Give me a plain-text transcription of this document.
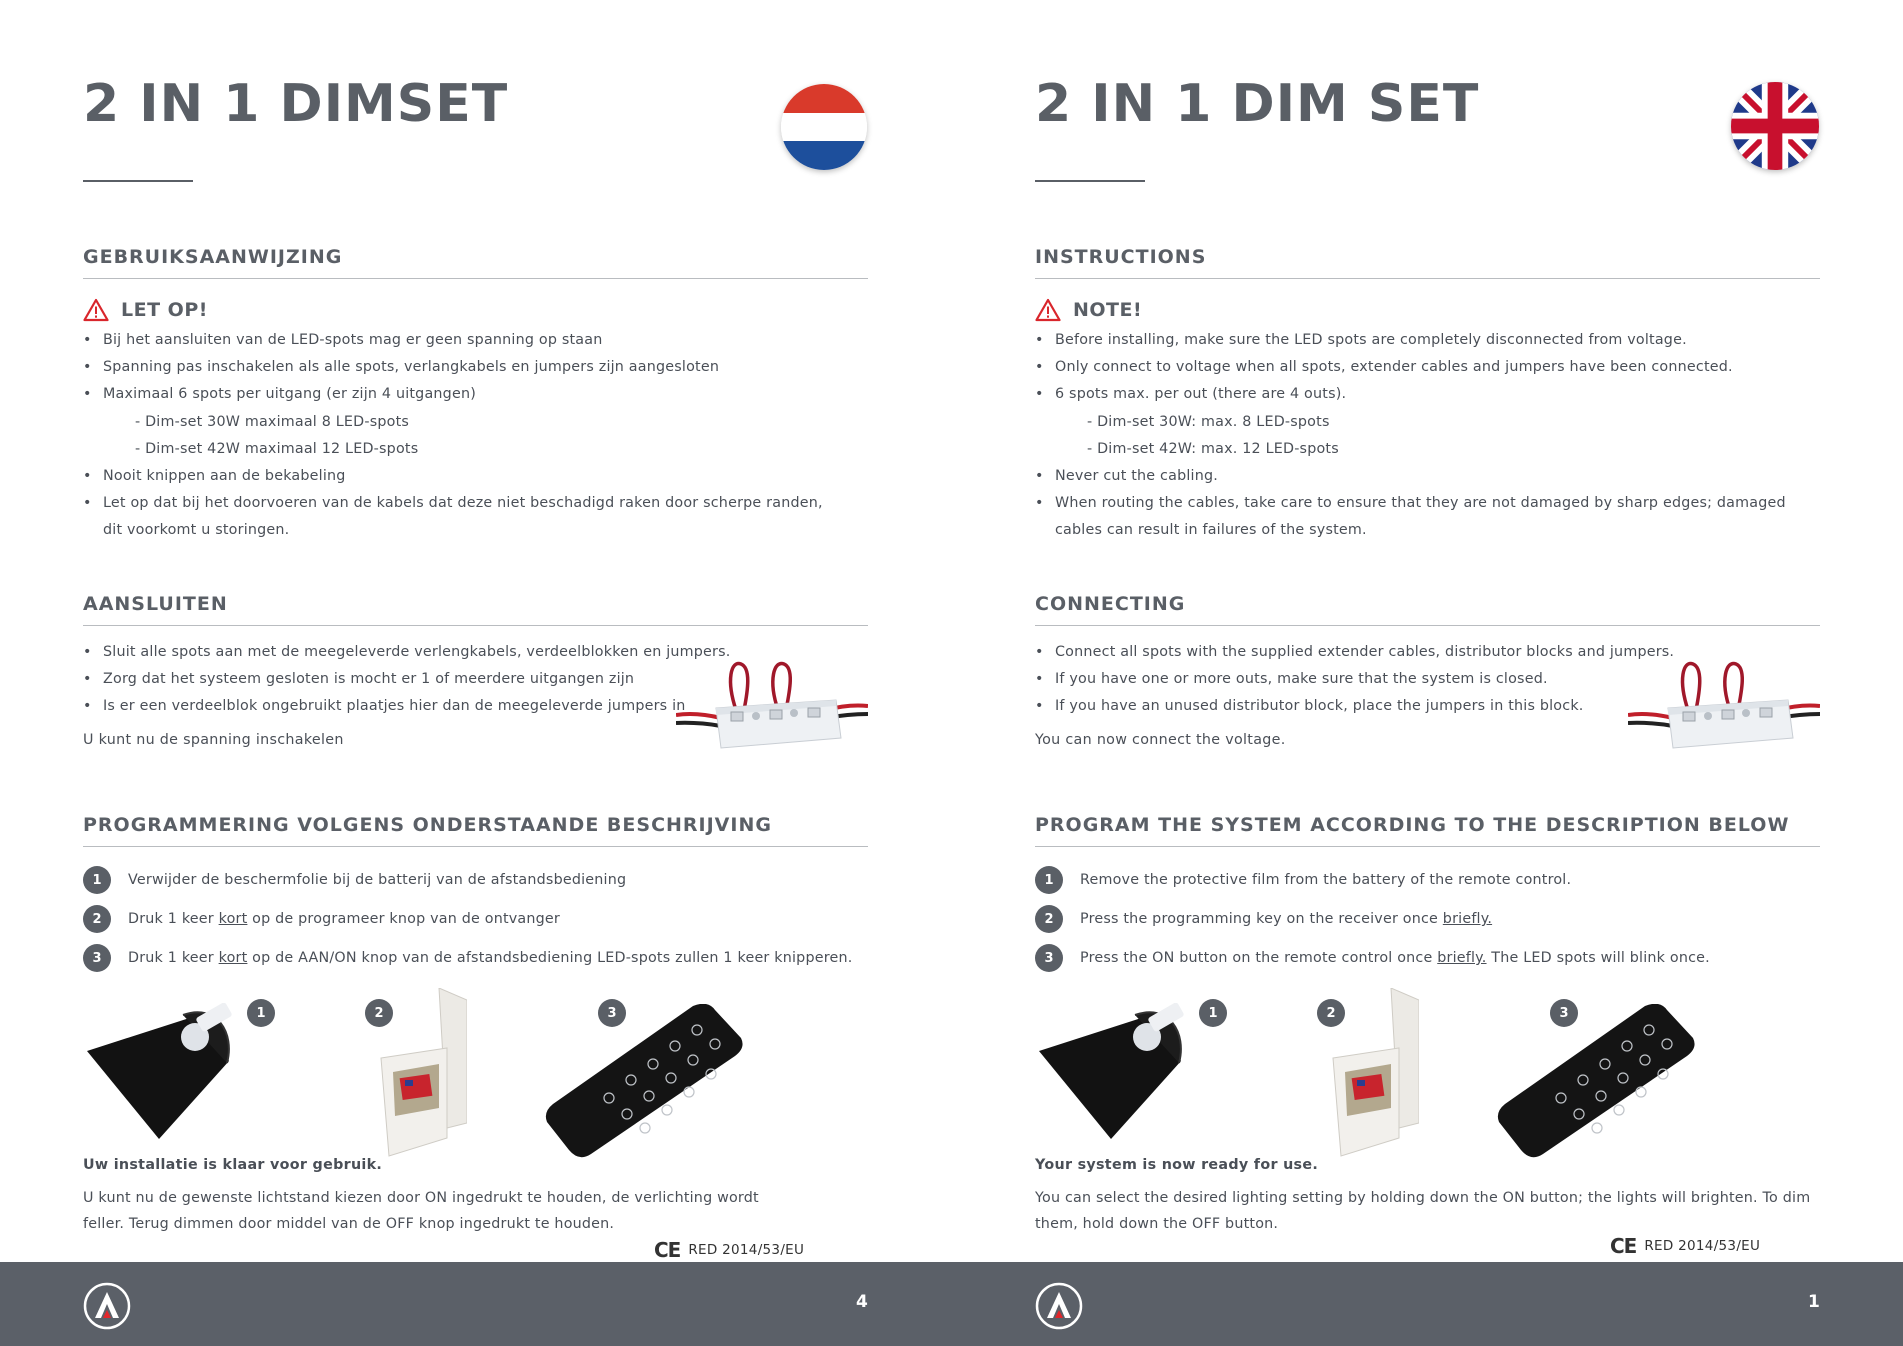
2 IN 1 DIMSET
GEBRUIKSAANWIJZING
LET OP!
• Bij het aansluiten van de LED-spots mag er geen spanning op staan
• Spanning pas inschakelen als alle spots, verlangkabels en jumpers zijn aangesloten
• Maximaal 6 spots per uitgang (er zijn 4 uitgangen)
- Dim-set 30W maximaal 8 LED-spots
- Dim-set 42W maximaal 12 LED-spots
• Nooit knippen aan de bekabeling
• Let op dat bij het doorvoeren van de kabels dat deze niet beschadigd raken door scherpe randen, dit voorkomt u storingen.
AANSLUITEN
• Sluit alle spots aan met de meegeleverde verlengkabels, verdeelblokken en jumpers.
• Zorg dat het systeem gesloten is mocht er 1 of meerdere uitgangen zijn
• Is er een verdeelblok ongebruikt plaatjes hier dan de meegeleverde jumpers in
U kunt nu de spanning inschakelen
PROGRAMMERING VOLGENS ONDERSTAANDE BESCHRIJVING
1	Verwijder de beschermfolie bij de batterij van de afstandsbediening
2	Druk 1 keer kort op de programeer knop van de ontvanger
3	Druk 1 keer kort op de AAN/ON knop van de afstandsbediening LED-spots zullen 1 keer knipperen.
1	2	3
Uw installatie is klaar voor gebruik.
U kunt nu de gewenste lichtstand kiezen door ON ingedrukt te houden, de verlichting wordt feller. Terug dimmen door middel van de OFF knop ingedrukt te houden.
CE RED 2014/53/EU
2 IN 1 DIM SET
INSTRUCTIONS
NOTE!
• Before installing, make sure the LED spots are completely disconnected from voltage.
• Only connect to voltage when all spots, extender cables and jumpers have been connected.
• 6 spots max. per out (there are 4 outs).
- Dim-set 30W: max. 8 LED-spots
- Dim-set 42W: max. 12 LED-spots
• Never cut the cabling.
• When routing the cables, take care to ensure that they are not damaged by sharp edges; damaged cables can result in failures of the system.
CONNECTING
• Connect all spots with the supplied extender cables, distributor blocks and jumpers.
• If you have one or more outs, make sure that the system is closed.
• If you have an unused distributor block, place the jumpers in this block.
You can now connect the voltage.
PROGRAM THE SYSTEM ACCORDING TO THE DESCRIPTION BELOW
1	Remove the protective film from the battery of the remote control.
2	Press the programming key on the receiver once briefly.
3	Press the ON button on the remote control once briefly. The LED spots will blink once.
1	2	3
Your system is now ready for use.
You can select the desired lighting setting by holding down the ON button; the lights will brighten. To dim them, hold down the OFF button.
CE RED 2014/53/EU
4	1
